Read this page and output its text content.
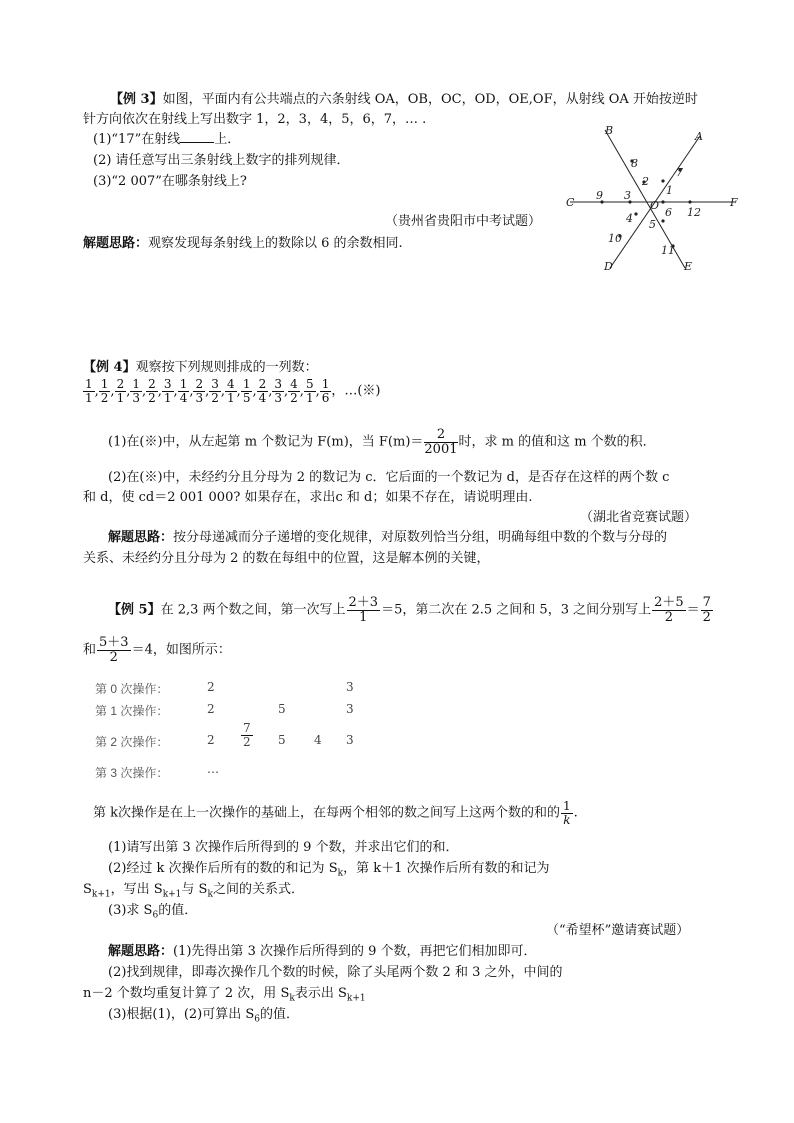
【例 3】如图，平面内有公共端点的六条射线 OA，OB，OC，OD，OE,OF，从射线 OA 开始按逆时
针方向依次在射线上写出数字 1，2，3，4，5，6，7，… .
(1)“17”在射线	上．
(2) 请任意写出三条射线上数字的排列规律．
(3)“2 007”在哪条射线上?
（贵州省贵阳市中考试题）
解题思路：观察发现每条射线上的数除以 6 的余数相同.
A
B
C
D	E
F
O
1
2
3
4 5
6
7
8
9
10
11
12
【例 4】观察按下列规则排成的一列数：
$\frac{1}{1}$ , $\frac{1}{2}$ , $\frac{2}{1}$ , $\frac{1}{3}$ , $\frac{2}{2}$ , $\frac{3}{1}$ , $\frac{1}{4}$ , $\frac{2}{3}$ , $\frac{3}{2}$ , $\frac{4}{1}$ , $\frac{1}{5}$ , $\frac{2}{4}$ , $\frac{3}{3}$ , $\frac{4}{2}$ , $\frac{5}{1}$ , $\frac{1}{6}$ ，…(※)
(1)在(※)中，从左起第 m 个数记为 F(m)，当 $F(m)= \frac{2}{2001}$ 时，求 m 的值和这 m 个数的积．
(2)在(※)中，未经约分且分母为 2 的数记为 c．它后面的一个数记为 d，是否存在这样的两个数 c
和 d，使 cd＝2 001 000? 如果存在，求出c 和 d；如果不存在，请说明理由.
（湖北省竞赛试题）
解题思路：按分母递减而分子递增的变化规律，对原数列恰当分组，明确每组中数的个数与分母的
关系、未经约分且分母为 2 的数在每组中的位置，这是解本例的关键，
【例 5】在 2,3 两个数之间，第一次写上 $\frac{2+3}{1} =5$，第二次在 2.5 之间和 5，3 之间分别写上 $\frac{2+5}{2} = \frac{7}{2}$
和 $\frac{5+3}{2} =4$，如图所示：
第 0 次操作：	2	3
第 1 次操作：	2	5	3
第 2 次操作：	$2 \frac{7}{2} 5$ 4 3
第 3 次操作：	…
第 k次操作是在上一次操作的基础上，在每两个相邻的数之间写上这两个数的和的 $\frac{1}{k}$ .
(1)请写出第 3 次操作后所得到的 9 个数，并求出它们的和．
(2)经过 k 次操作后所有的数的和记为 $S_k$，第 k＋1 次操作后所有数的和记为
$S_{k+1}$，写出 $S_{k+1}$与 $S_k$之间的关系式．
(3)求 $S_6$的值．
（“希望杯”邀请赛试题）
解题思路：(1)先得出第 3 次操作后所得到的 9 个数，再把它们相加即可．
(2)找到规律，即毒次操作几个数的时候，除了头尾两个数 2 和 3 之外，中间的
n－2 个数均重复计算了 2 次，用 $S_k$表示出 $S_{k+1}$
(3)根据(1)，(2)可算出 $S_6$的值．
